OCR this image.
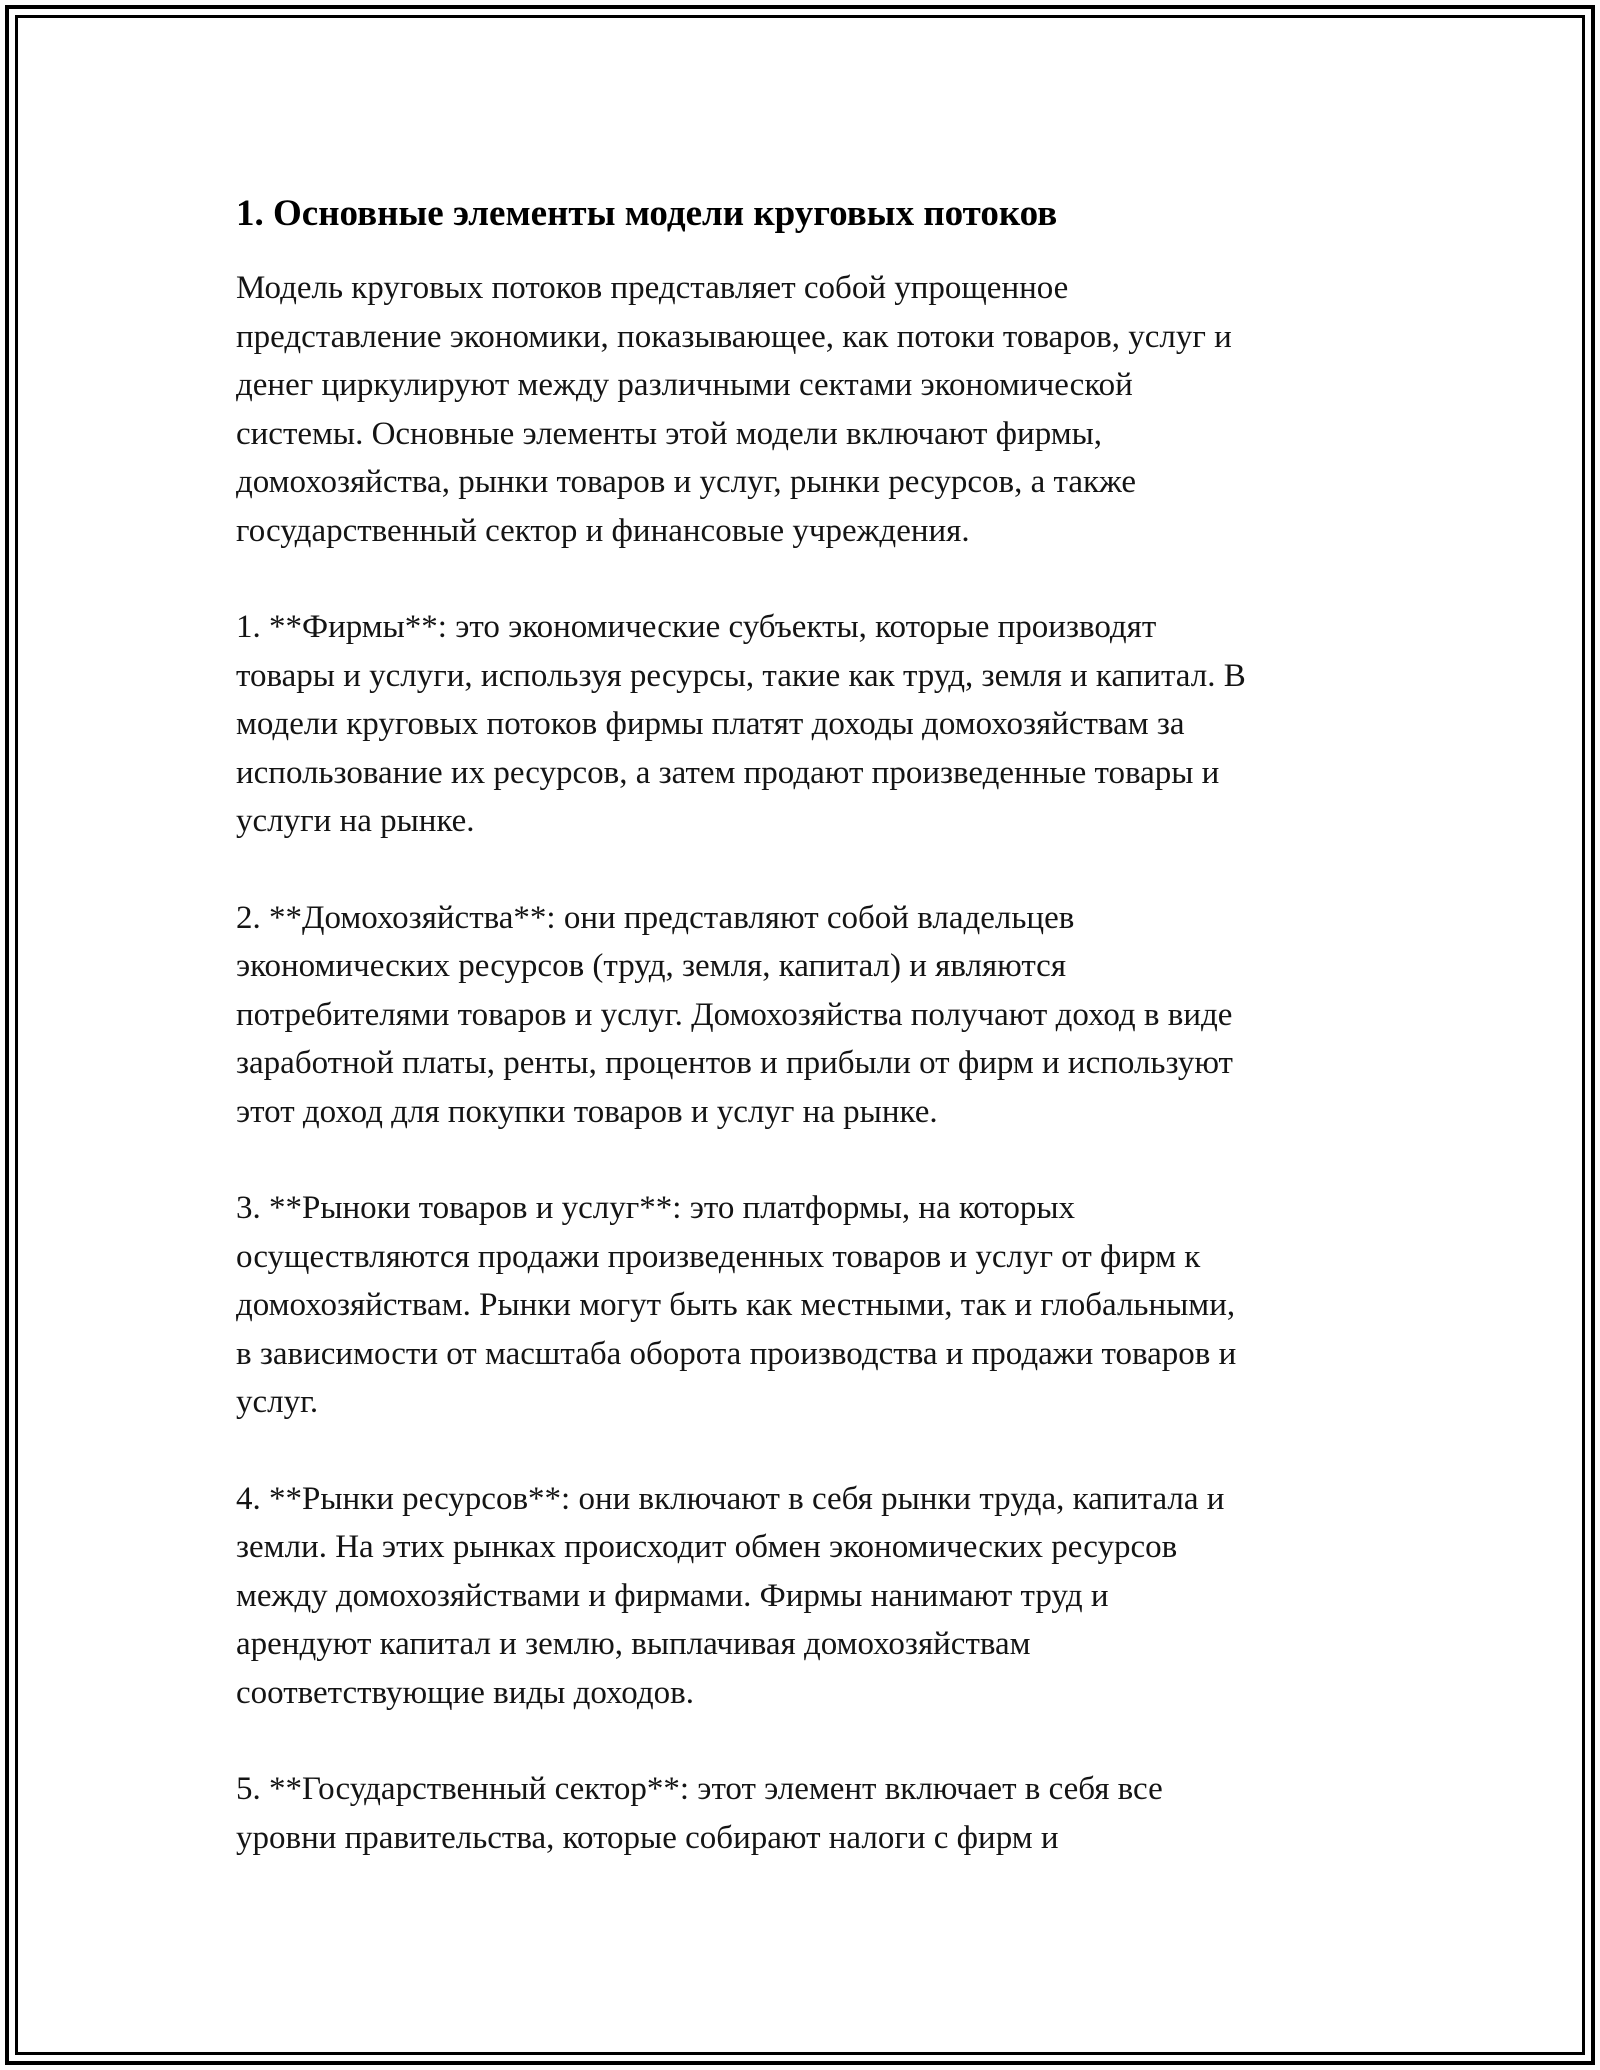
1. Основные элементы модели круговых потоков

Модель круговых потоков представляет собой упрощенное
представление экономики, показывающее, как потоки товаров, услуг и
денег циркулируют между различными сектами экономической
системы. Основные элементы этой модели включают фирмы,
домохозяйства, рынки товаров и услуг, рынки ресурсов, а также
государственный сектор и финансовые учреждения.

1. **Фирмы**: это экономические субъекты, которые производят
товары и услуги, используя ресурсы, такие как труд, земля и капитал. В
модели круговых потоков фирмы платят доходы домохозяйствам за
использование их ресурсов, а затем продают произведенные товары и
услуги на рынке.

2. **Домохозяйства**: они представляют собой владельцев
экономических ресурсов (труд, земля, капитал) и являются
потребителями товаров и услуг. Домохозяйства получают доход в виде
заработной платы, ренты, процентов и прибыли от фирм и используют
этот доход для покупки товаров и услуг на рынке.

3. **Рыноки товаров и услуг**: это платформы, на которых
осуществляются продажи произведенных товаров и услуг от фирм к
домохозяйствам. Рынки могут быть как местными, так и глобальными,
в зависимости от масштаба оборота производства и продажи товаров и
услуг.

4. **Рынки ресурсов**: они включают в себя рынки труда, капитала и
земли. На этих рынках происходит обмен экономических ресурсов
между домохозяйствами и фирмами. Фирмы нанимают труд и
арендуют капитал и землю, выплачивая домохозяйствам
соответствующие виды доходов.

5. **Государственный сектор**: этот элемент включает в себя все
уровни правительства, которые собирают налоги с фирм и
